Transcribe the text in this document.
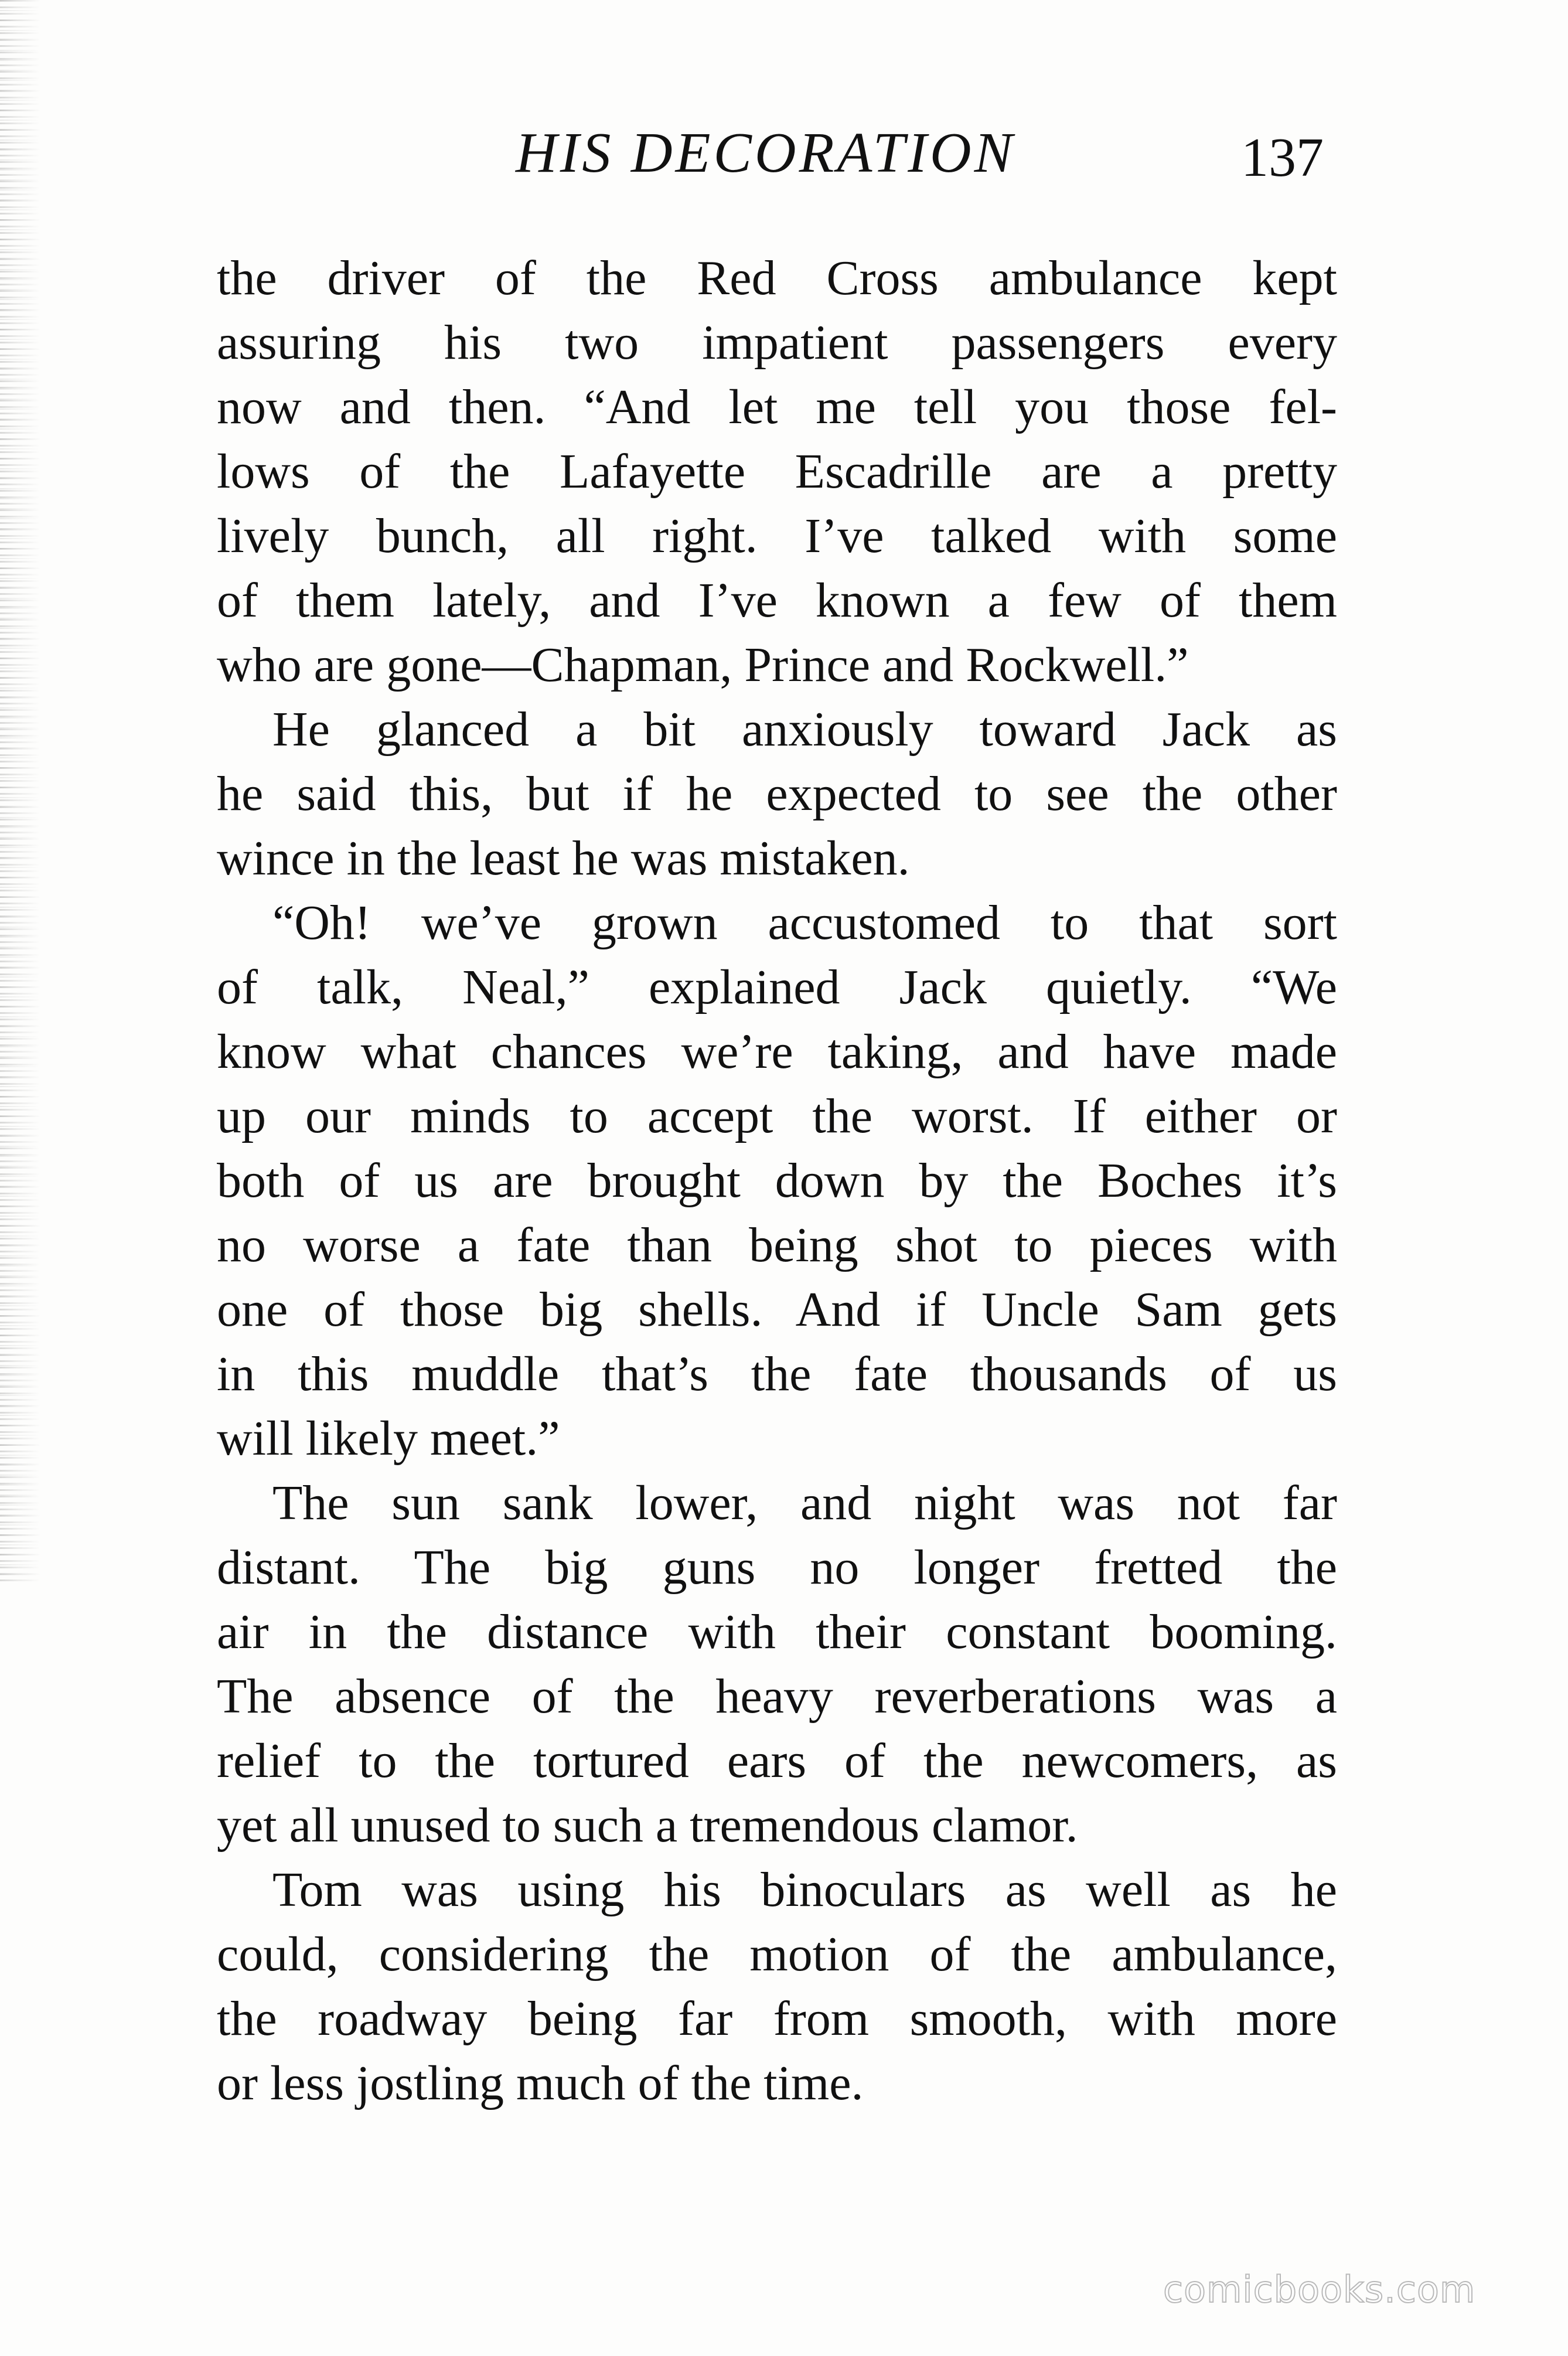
HIS DECORATION	137
the driver of the Red Cross ambulance kept
assuring his two impatient passengers every
now and then. “And let me tell you those fel-
lows of the Lafayette Escadrille are a pretty
lively bunch, all right. I’ve talked with some
of them lately, and I’ve known a few of them
who are gone—Chapman, Prince and Rockwell.”
He glanced a bit anxiously toward Jack as
he said this, but if he expected to see the other
wince in the least he was mistaken.
“Oh! we’ve grown accustomed to that sort
of talk, Neal,” explained Jack quietly. “We
know what chances we’re taking, and have made
up our minds to accept the worst. If either or
both of us are brought down by the Boches it’s
no worse a fate than being shot to pieces with
one of those big shells. And if Uncle Sam gets
in this muddle that’s the fate thousands of us
will likely meet.”
The sun sank lower, and night was not far
distant. The big guns no longer fretted the
air in the distance with their constant booming.
The absence of the heavy reverberations was a
relief to the tortured ears of the newcomers, as
yet all unused to such a tremendous clamor.
Tom was using his binoculars as well as he
could, considering the motion of the ambulance,
the roadway being far from smooth, with more
or less jostling much of the time.
comicbooks.com
